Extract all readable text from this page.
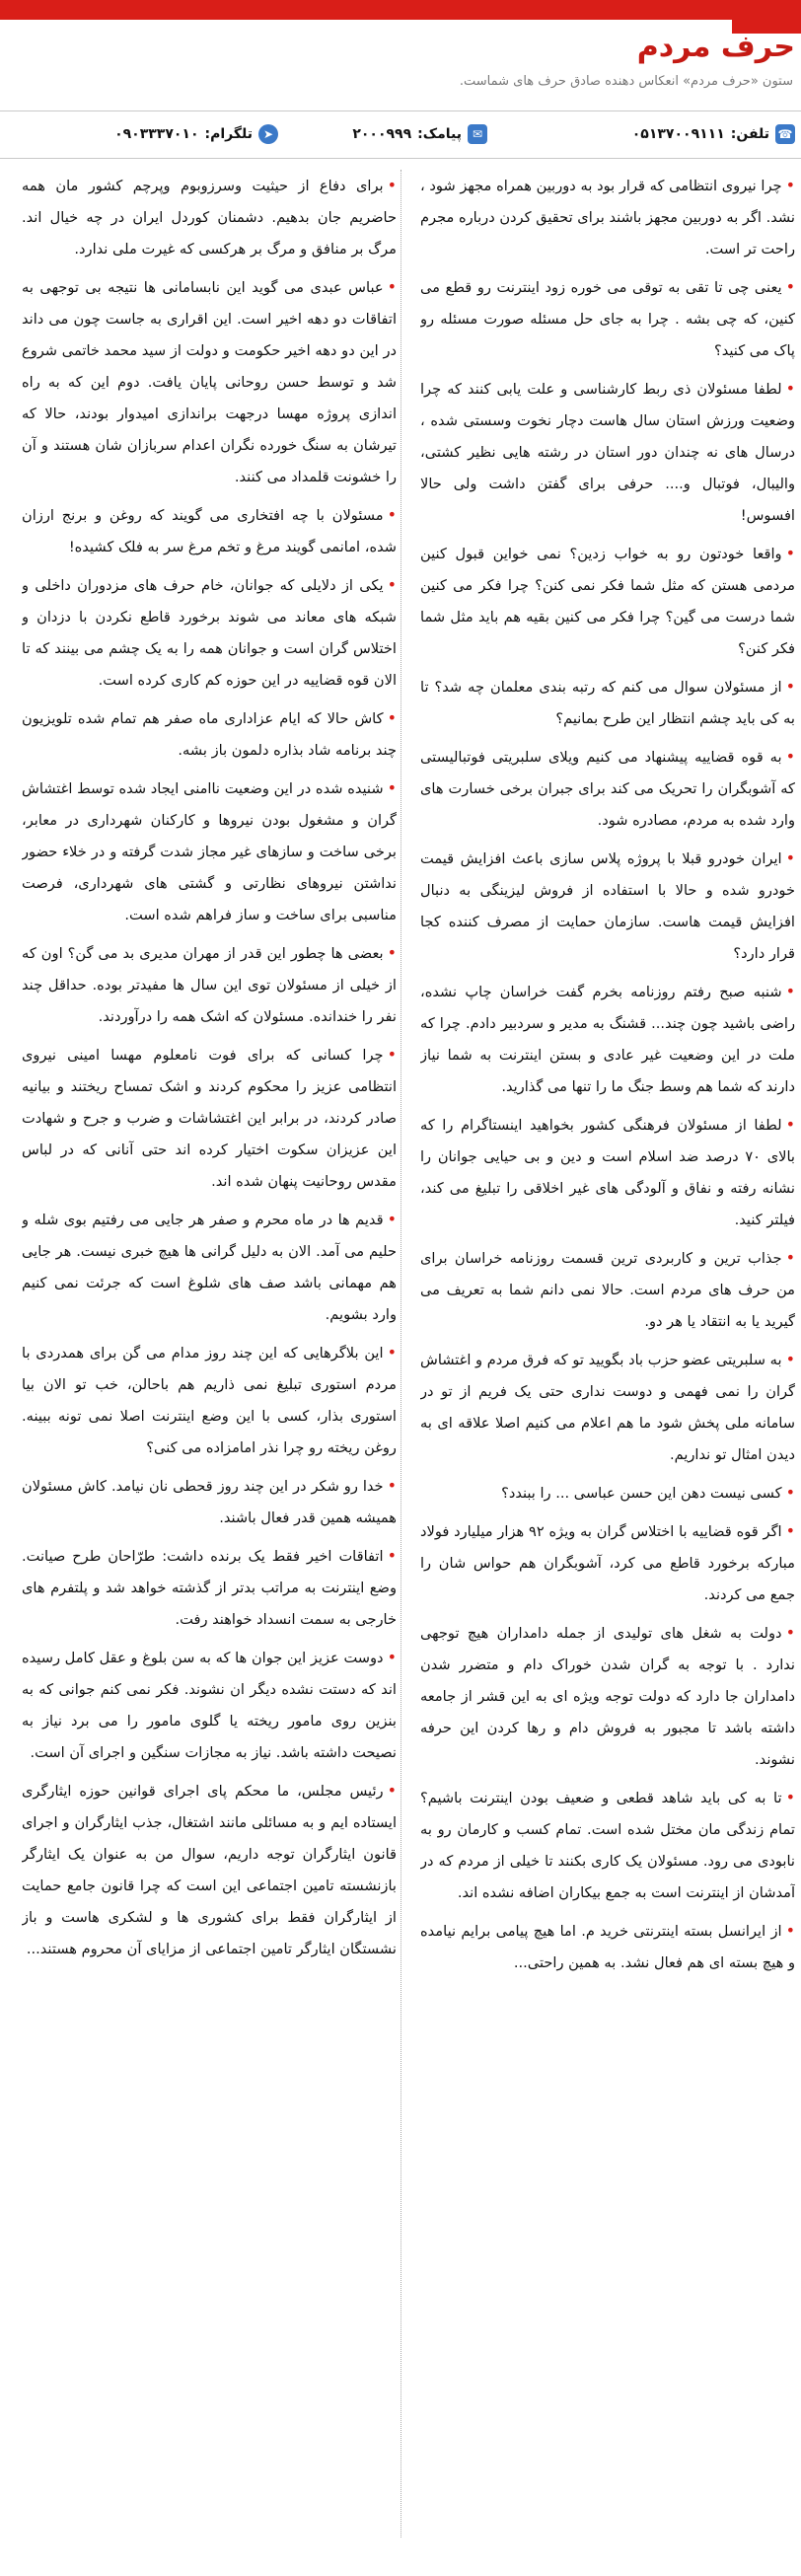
حرف مردم
ستون «حرف مردم» انعکاس دهنده صادق حرف های شماست.
☎
تلفن:
۰۵۱۳۷۰۰۹۱۱۱
✉
پیامک:
۲۰۰۰۹۹۹
➤
تلگرام:
۰۹۰۳۳۳۷۰۱۰

•چرا نیروی انتظامی که قرار بود به دوربین همراه مجهز شود ، نشد. اگر به دوربین مجهز باشند برای تحقیق کردن درباره مجرم راحت تر است.

•یعنی چی تا تقی به توقی می خوره زود اینترنت رو قطع می کنین، که چی بشه . چرا به جای حل مسئله صورت مسئله رو پاک می کنید؟

•لطفا مسئولان ذی ربط کارشناسی و علت یابی کنند که چرا وضعیت ورزش استان سال هاست دچار نخوت وسستی شده ، درسال های نه چندان دور استان در رشته هایی نظیر کشتی، والیبال، فوتبال و.... حرفی برای گفتن داشت ولی حالا افسوس!

•واقعا خودتون رو به خواب زدین؟ نمی خواین قبول کنین مردمی هستن که مثل شما فکر نمی کنن؟ چرا فکر می کنین شما درست می گین؟ چرا فکر می کنین بقیه هم باید مثل شما فکر کنن؟

•از مسئولان سوال می کنم که رتبه بندی معلمان چه شد؟ تا به کی باید چشم انتظار این طرح بمانیم؟

•به قوه قضاییه پیشنهاد می کنیم ویلای سلبریتی فوتبالیستی که آشوبگران را تحریک می کند برای جبران برخی خسارت های وارد شده به مردم، مصادره شود.

•ایران خودرو قبلا با پروژه پلاس سازی باعث افزایش قیمت خودرو شده و حالا با استفاده از فروش لیزینگی به دنبال افزایش قیمت هاست. سازمان حمایت از مصرف کننده کجا قرار دارد؟

•شنبه صبح رفتم روزنامه بخرم گفت خراسان چاپ نشده، راضی باشید چون چند... قشنگ به مدیر و سردبیر دادم. چرا که ملت در این وضعیت غیر عادی و بستن اینترنت به شما نیاز دارند که شما هم وسط جنگ ما را تنها می گذارید.

•لطفا از مسئولان فرهنگی کشور بخواهید اینستاگرام را که بالای ۷۰ درصد ضد اسلام است و دین و بی حیایی جوانان را نشانه رفته و نفاق و آلودگی های غیر اخلاقی را تبلیغ می کند، فیلتر کنید.

•جذاب ترین و کاربردی ترین قسمت روزنامه خراسان برای من حرف های مردم است. حالا نمی دانم شما به تعریف می گیرید یا به انتقاد یا هر دو.

•به سلبریتی عضو حزب باد بگویید تو که فرق مردم و اغتشاش گران را نمی فهمی و دوست نداری حتی یک فریم از تو در سامانه ملی پخش شود ما هم اعلام می کنیم اصلا علاقه ای به دیدن امثال تو نداریم.

•کسی نیست دهن این حسن عباسی ... را ببندد؟

•اگر قوه قضاییه با اختلاس گران به ویژه ۹۲ هزار میلیارد فولاد مبارکه برخورد قاطع می کرد، آشوبگران هم حواس شان را جمع می کردند.

•دولت به شغل های تولیدی از جمله دامداران هیچ توجهی ندارد . با توجه به گران شدن خوراک دام و متضرر شدن دامداران جا دارد که دولت توجه ویژه ای به این قشر از جامعه داشته باشد تا مجبور به فروش دام و رها کردن این حرفه نشوند.

•تا به کی باید شاهد قطعی و ضعیف بودن اینترنت باشیم؟ تمام زندگی مان مختل شده است. تمام کسب و کارمان رو به نابودی می رود. مسئولان یک کاری بکنند تا خیلی از مردم که در آمدشان از اینترنت است به جمع بیکاران اضافه نشده اند.

•از ایرانسل بسته اینترنتی خرید م. اما هیچ پیامی برایم نیامده و هیچ بسته ای هم فعال نشد. به همین راحتی...

•برای دفاع از حیثیت وسرزوبوم وپرچم کشور مان همه حاضریم جان بدهیم. دشمنان کوردل ایران در چه خیال اند. مرگ بر منافق و مرگ بر هرکسی که غیرت ملی ندارد.

•عباس عبدی می گوید این نابسامانی ها نتیجه بی توجهی به اتفاقات دو دهه اخیر است. این اقراری به جاست چون می داند در این دو دهه اخیر حکومت و دولت از سید محمد خاتمی شروع شد و توسط حسن روحانی پایان یافت. دوم این که به راه اندازی پروژه مهسا درجهت براندازی امیدوار بودند، حالا که تیرشان به سنگ خورده نگران اعدام سربازان شان هستند و آن را خشونت قلمداد می کنند.

•مسئولان با چه افتخاری می گویند که روغن و برنج ارزان شده، امانمی گویند مرغ و تخم مرغ سر به فلک کشیده!

•یکی از دلایلی که جوانان، خام حرف های مزدوران داخلی و شبکه های معاند می شوند برخورد قاطع نکردن با دزدان و اختلاس گران است و جوانان همه را به یک چشم می بینند که تا الان قوه قضاییه در این حوزه کم کاری کرده است.

•کاش حالا که ایام عزاداری ماه صفر هم تمام شده تلویزیون چند برنامه شاد بذاره دلمون باز بشه.

•شنیده شده در این وضعیت ناامنی ایجاد شده توسط اغتشاش گران و مشغول بودن نیروها و کارکنان شهرداری در معابر، برخی ساخت و سازهای غیر مجاز شدت گرفته و در خلاء حضور نداشتن نیروهای نظارتی و گشتی های شهرداری، فرصت مناسبی برای ساخت و ساز فراهم شده است.

•بعضی ها چطور این قدر از مهران مدیری بد می گن؟ اون که از خیلی از مسئولان توی این سال ها مفیدتر بوده. حداقل چند نفر را خندانده. مسئولان که اشک همه را درآوردند.

•چرا کسانی که برای فوت نامعلوم مهسا امینی نیروی انتظامی عزیز را محکوم کردند و اشک تمساح ریختند و بیانیه صادر کردند، در برابر این اغتشاشات و ضرب و جرح و شهادت این عزیزان سکوت اختیار کرده اند حتی آنانی که در لباس مقدس روحانیت پنهان شده اند.

•قدیم ها در ماه محرم و صفر هر جایی می رفتیم بوی شله و حلیم می آمد. الان به دلیل گرانی ها هیچ خبری نیست. هر جایی هم مهمانی باشد صف های شلوغ است که جرئت نمی کنیم وارد بشویم.

•این بلاگرهایی که این چند روز مدام می گن برای همدردی با مردم استوری تبلیغ نمی ذاریم هم باحالن، خب تو الان بیا استوری بذار، کسی با این وضع اینترنت اصلا نمی تونه ببینه. روغن ریخته رو چرا نذر امامزاده می کنی؟

•خدا رو شکر در این چند روز قحطی نان نیامد. کاش مسئولان همیشه همین قدر فعال باشند.

•اتفاقات اخیر فقط یک برنده داشت: طرّاحان طرح صیانت. وضع اینترنت به مراتب بدتر از گذشته خواهد شد و پلتفرم های خارجی به سمت انسداد خواهند رفت.

•دوست عزیز این جوان ها که به سن بلوغ و عقل کامل رسیده اند که دستت نشده دیگر ان نشوند. فکر نمی کنم جوانی که به بنزین روی مامور ریخته یا گلوی مامور را می برد نیاز به نصیحت داشته باشد. نیاز به مجازات سنگین و اجرای آن است.

•رئیس مجلس، ما محکم پای اجرای قوانین حوزه ایثارگری ایستاده ایم و به مسائلی مانند اشتغال، جذب ایثارگران و اجرای قانون ایثارگران توجه داریم، سوال من به عنوان یک ایثارگر بازنشسته تامین اجتماعی این است که چرا قانون جامع حمایت از ایثارگران فقط برای کشوری ها و لشکری هاست و باز نشستگان ایثارگر تامین اجتماعی از مزایای آن محروم هستند...
